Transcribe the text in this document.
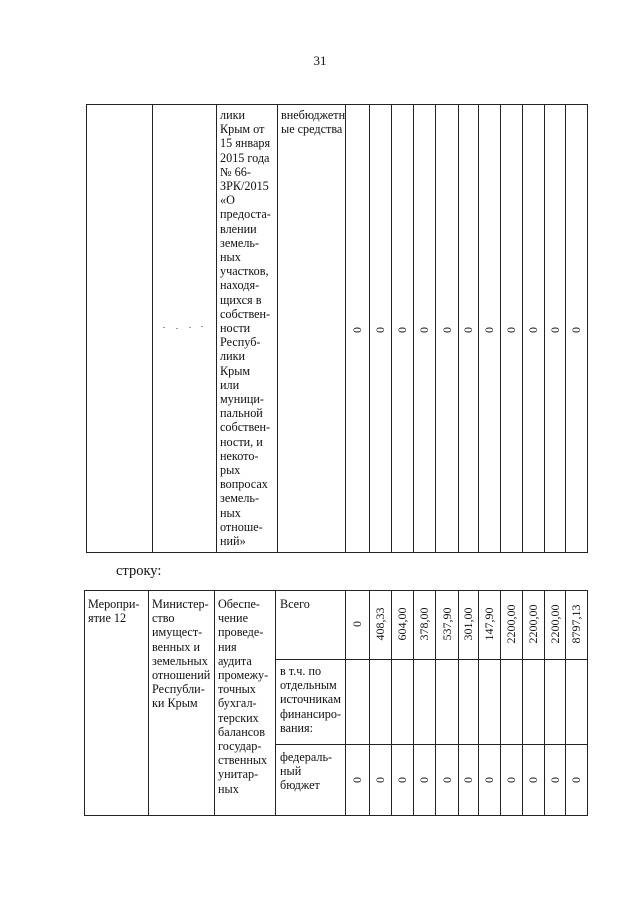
31
лики
Крым от
15 января
2015 года
№ 66-
ЗРК/2015
«О
предоста-
влении
земель-
ных
участков,
находя-
щихся в
собствен-
ности
Респуб-
лики
Крым
или
муници-
пальной
собствен-
ности, и
некото-
рых
вопросах
земель-
ных
отноше-
ний»
внебюджетн
ые средства
0 0 0 0 0 0 0 0 0 0 0
строку:
Меропри-
ятие 12
Министер-
ство
имущест-
венных и
земельных
отношений
Республи-
ки Крым
Обеспе-
чение
проведе-
ния
аудита
промежу-
точных
бухгал-
терских
балансов
государ-
ственных
унитар-
ных
Всего
в т.ч. по
отдельным
источникам
финансиро-
вания:
федераль-
ный бюджет
0 408,33 604,00 378,00 537,90 301,00 147,90 2200,00 2200,00 2200,00 8797,13
0 0 0 0 0 0 0 0 0 0 0
